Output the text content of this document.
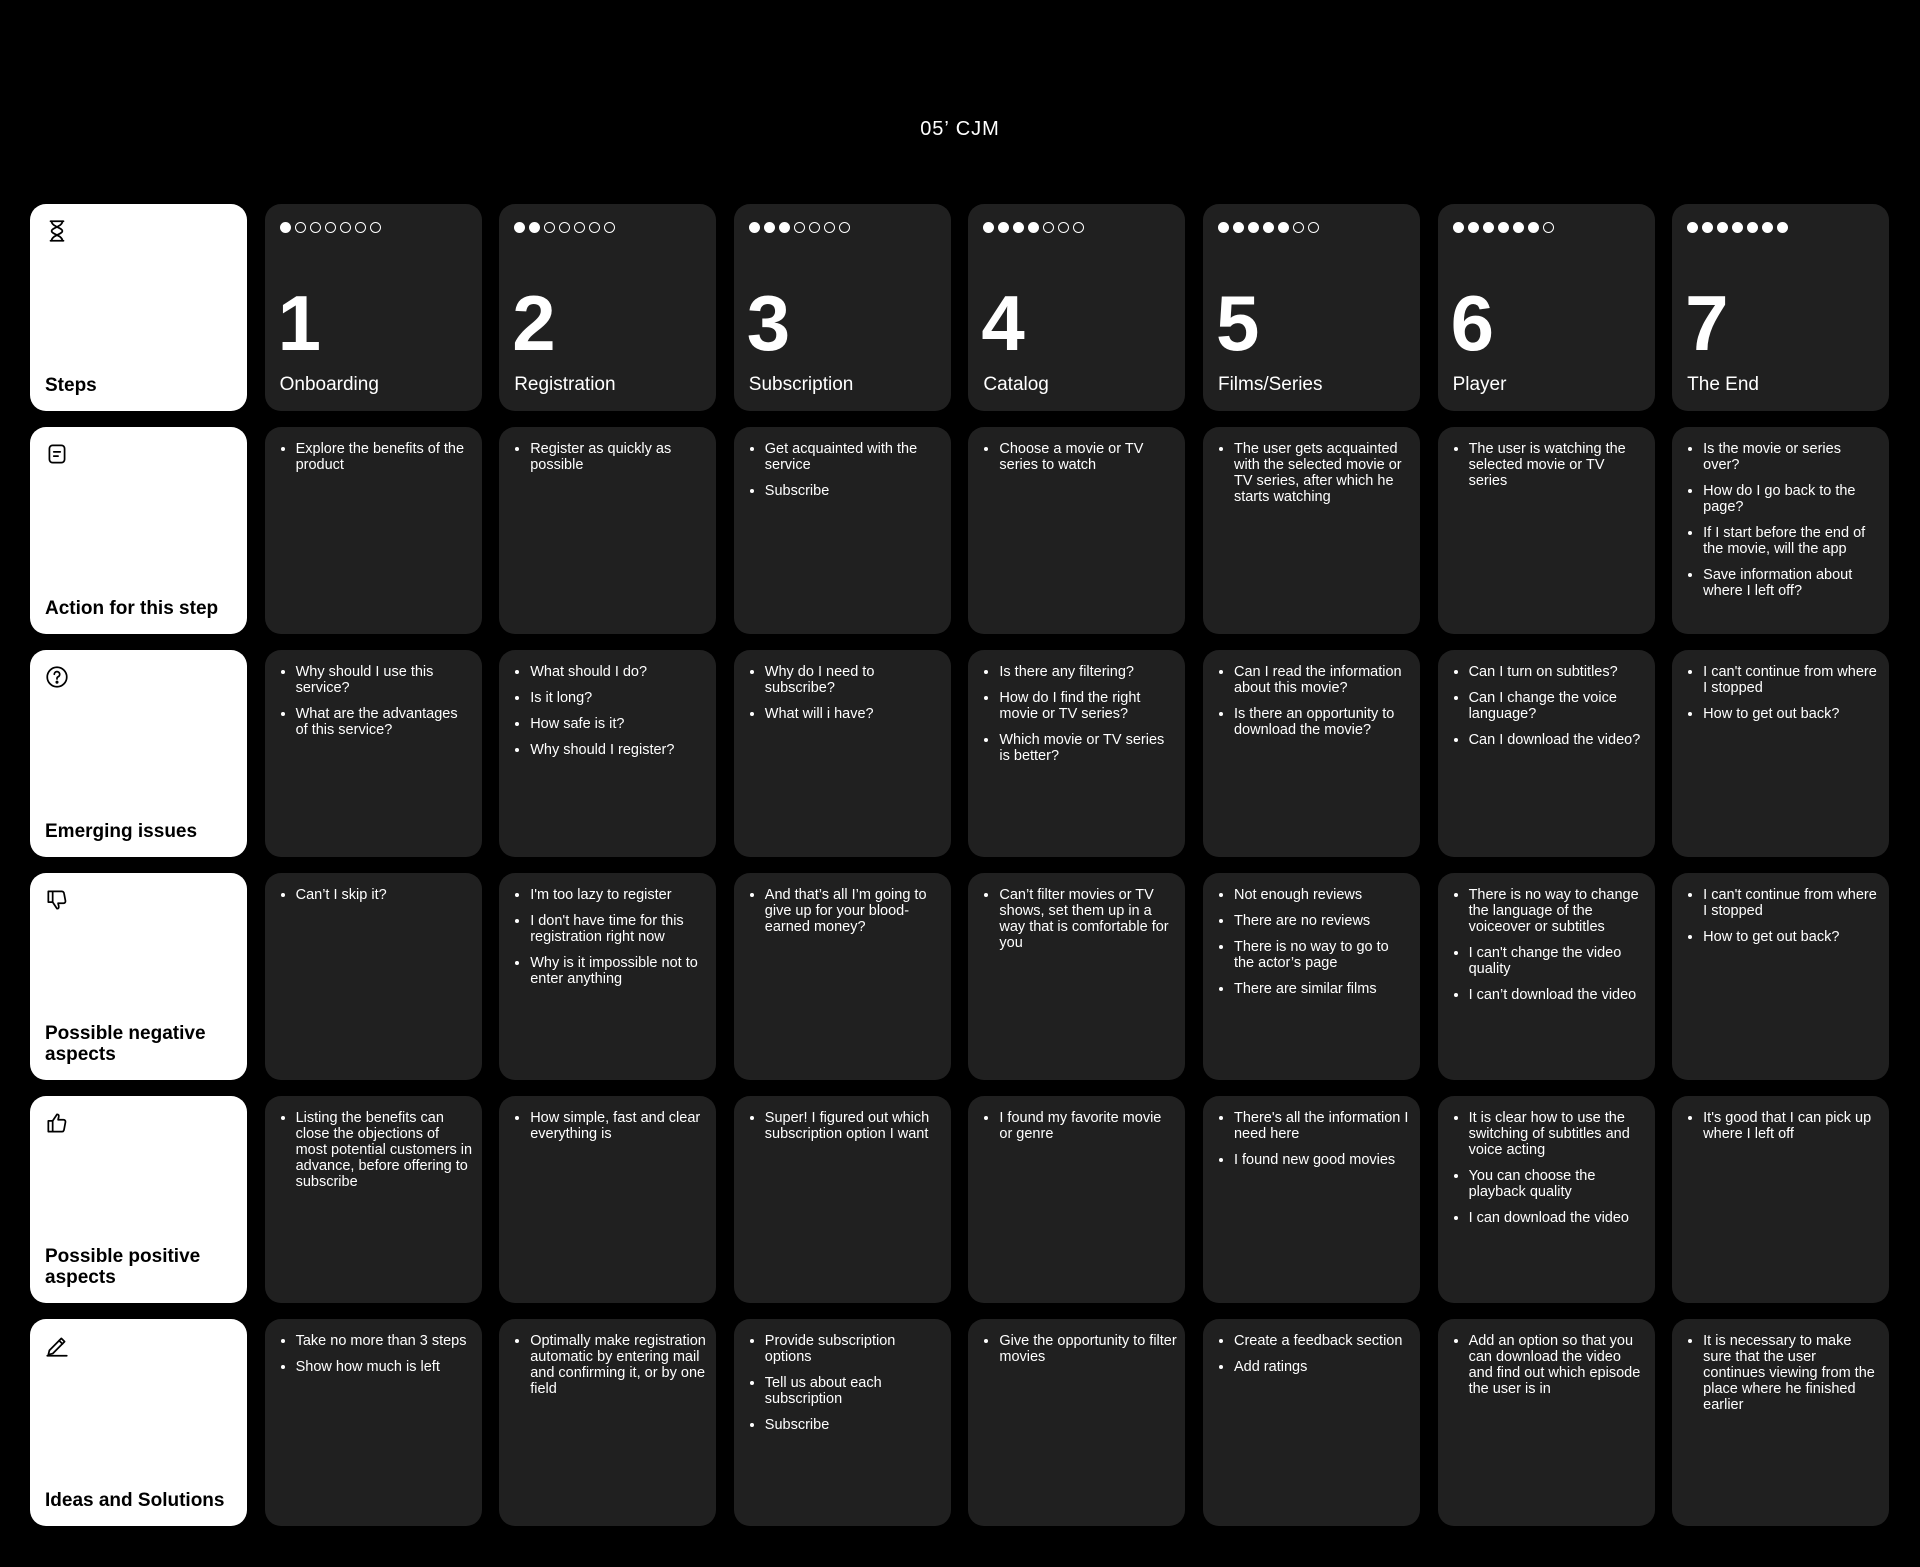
05’ CJM
Steps
1
Onboarding
2
Registration
3
Subscription
4
Catalog
5
Films/Series
6
Player
7
The End
Action for this step
Explore the benefits of the product
Register as quickly as possible
Get acquainted with the service
Subscribe
Choose a movie or TV series to watch
The user gets acquainted with the selected movie or TV series, after which he starts watching
The user is watching the selected movie or TV series
Is the movie or series over?
How do I go back to the page?
If I start before the end of the movie, will the app
Save information about where I left off?
Emerging issues
Why should I use this service?
What are the advantages of this service?
What should I do?
Is it long?
How safe is it?
Why should I register?
Why do I need to subscribe?
What will i have?
Is there any filtering?
How do I find the right movie or TV series?
Which movie or TV series is better?
Can I read the information about this movie?
Is there an opportunity to download the movie?
Can I turn on subtitles?
Can I change the voice language?
Can I download the video?
I can't continue from where I stopped
How to get out back?
Possible negative aspects
Can’t I skip it?	I'm too lazy to register
I don't have time for this registration right now
Why is it impossible not to enter anything
And that’s all I’m going to give up for your blood-earned money?
Can’t filter movies or TV shows, set them up in a way that is comfortable for you
Not enough reviews
There are no reviews
There is no way to go to the actor’s page
There are similar films
There is no way to change the language of the voiceover or subtitles
I can't change the video quality
I can’t download the video
I can't continue from where I stopped
How to get out back?
Possible positive aspects
Listing the benefits can close the objections of most potential customers in advance, before offering to subscribe
How simple, fast and clear everything is
Super! I figured out which subscription option I want
I found my favorite movie or genre
There's all the information I need here
I found new good movies
It is clear how to use the switching of subtitles and voice acting
You can choose the playback quality
I can download the video
It's good that I can pick up where I left off
Ideas and Solutions
Take no more than 3 steps
Show how much is left
Optimally make registration automatic by entering mail and confirming it, or by one field
Provide subscription options
Tell us about each subscription
Subscribe
Give the opportunity to filter movies
Create a feedback section
Add ratings
Add an option so that you can download the video and find out which episode the user is in
It is necessary to make sure that the user continues viewing from the place where he finished earlier
